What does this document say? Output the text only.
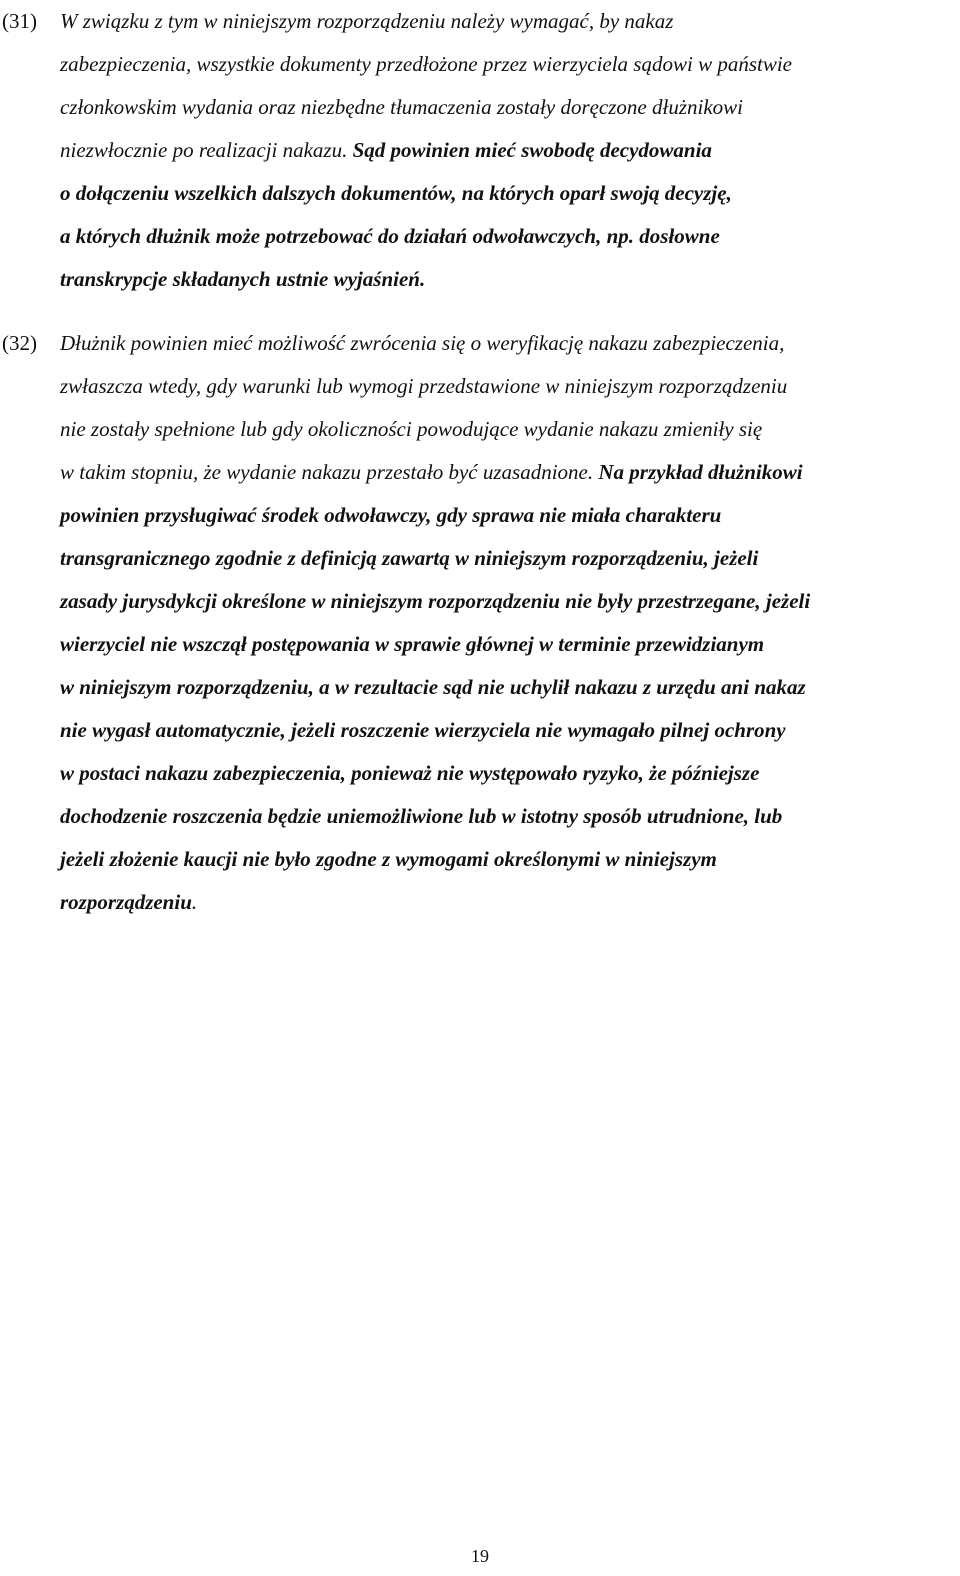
(31) W związku z tym w niniejszym rozporządzeniu należy wymagać, by nakaz
zabezpieczenia, wszystkie dokumenty przedłożone przez wierzyciela sądowi w państwie
członkowskim wydania oraz niezbędne tłumaczenia zostały doręczone dłużnikowi
niezwłocznie po realizacji nakazu. Sąd powinien mieć swobodę decydowania
o dołączeniu wszelkich dalszych dokumentów, na których oparł swoją decyzję,
a których dłużnik może potrzebować do działań odwoławczych, np. dosłowne
transkrypcje składanych ustnie wyjaśnień.
(32) Dłużnik powinien mieć możliwość zwrócenia się o weryfikację nakazu zabezpieczenia,
zwłaszcza wtedy, gdy warunki lub wymogi przedstawione w niniejszym rozporządzeniu
nie zostały spełnione lub gdy okoliczności powodujące wydanie nakazu zmieniły się
w takim stopniu, że wydanie nakazu przestało być uzasadnione. Na przykład dłużnikowi
powinien przysługiwać środek odwoławczy, gdy sprawa nie miała charakteru
transgranicznego zgodnie z definicją zawartą w niniejszym rozporządzeniu, jeżeli
zasady jurysdykcji określone w niniejszym rozporządzeniu nie były przestrzegane, jeżeli
wierzyciel nie wszczął postępowania w sprawie głównej w terminie przewidzianym
w niniejszym rozporządzeniu, a w rezultacie sąd nie uchylił nakazu z urzędu ani nakaz
nie wygasł automatycznie, jeżeli roszczenie wierzyciela nie wymagało pilnej ochrony
w postaci nakazu zabezpieczenia, ponieważ nie występowało ryzyko, że późniejsze
dochodzenie roszczenia będzie uniemożliwione lub w istotny sposób utrudnione, lub
jeżeli złożenie kaucji nie było zgodne z wymogami określonymi w niniejszym
rozporządzeniu.
19
